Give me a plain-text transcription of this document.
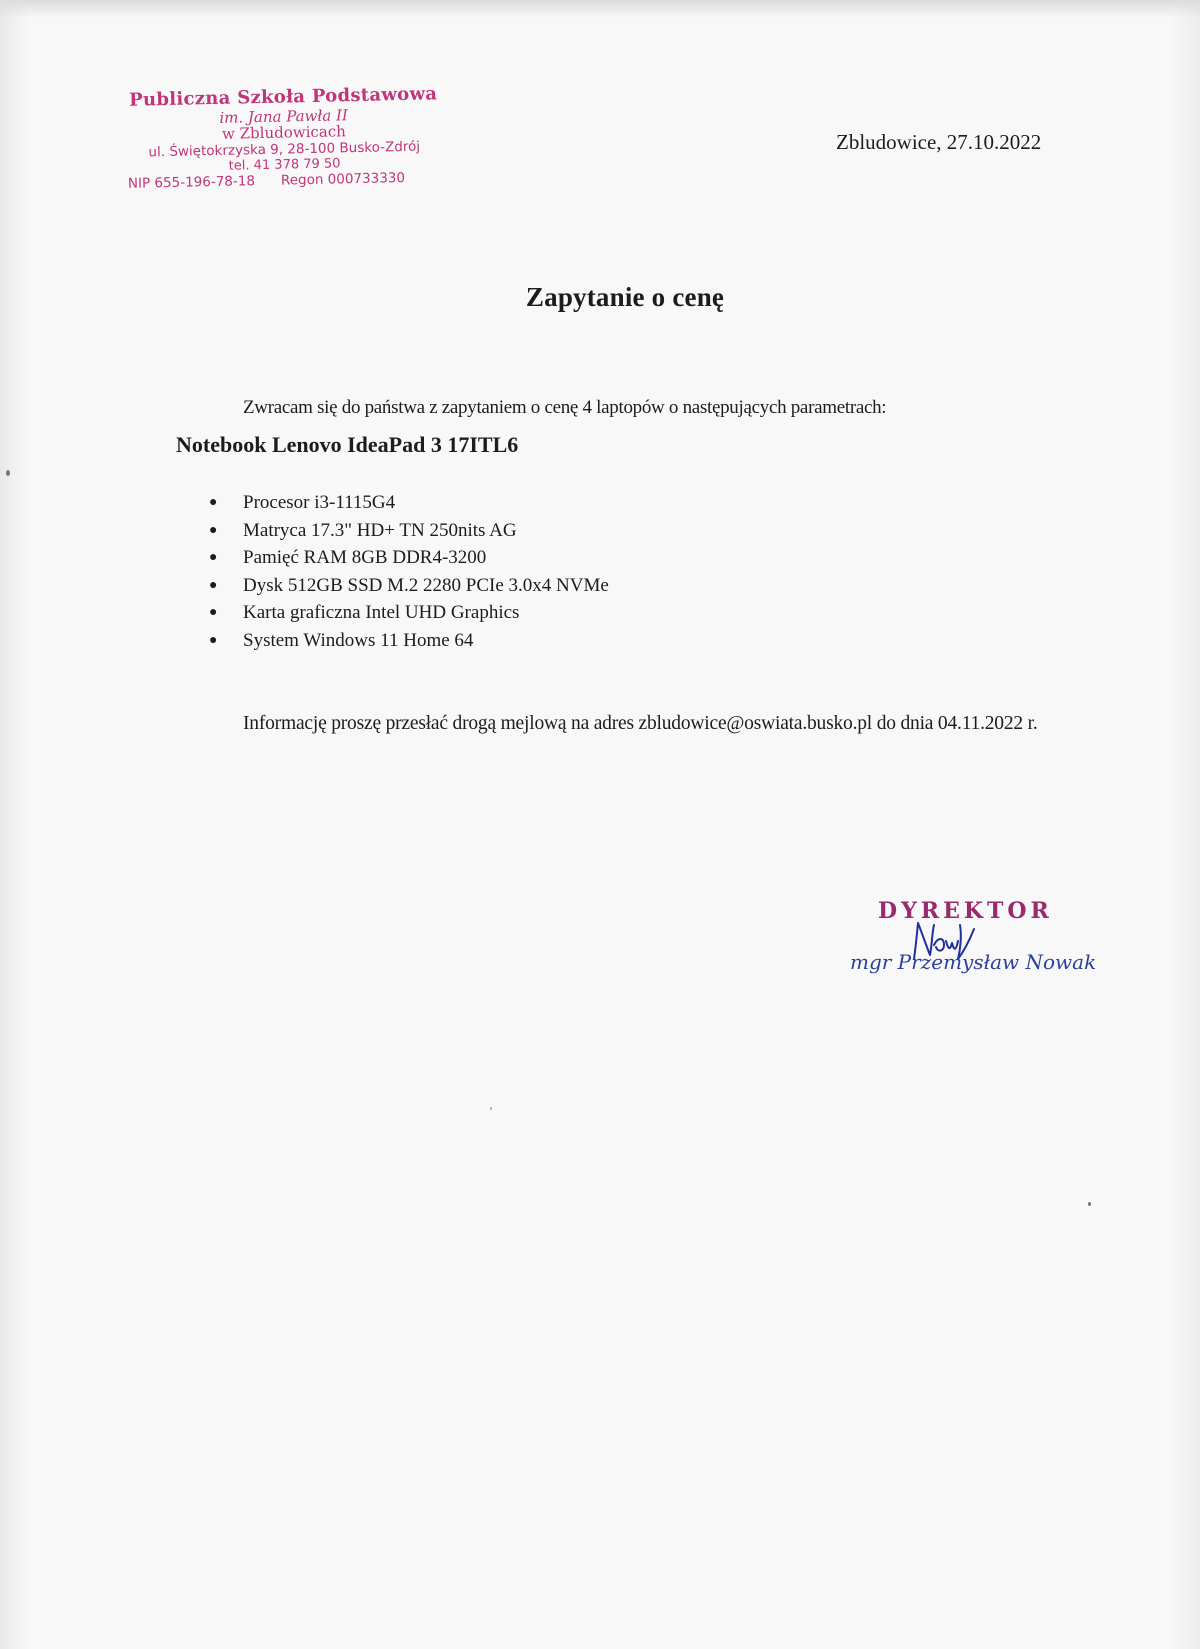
Publiczna Szkoła Podstawowa
im. Jana Pawła II
w Zbludowicach
ul. Świętokrzyska 9, 28-100 Busko-Zdrój
tel. 41 378 79 50
NIP 655-196-78-18 Regon 000733330
Zbludowice, 27.10.2022
Zapytanie o cenę
Zwracam się do państwa z zapytaniem o cenę 4 laptopów o następujących parametrach:
Notebook Lenovo IdeaPad 3 17ITL6
● Procesor i3-1115G4
● Matryca 17.3" HD+ TN 250nits AG
● Pamięć RAM 8GB DDR4-3200
● Dysk 512GB SSD M.2 2280 PCIe 3.0x4 NVMe
● Karta graficzna Intel UHD Graphics
● System Windows 11 Home 64
Informację proszę przesłać drogą mejlową na adres zbludowice@oswiata.busko.pl do dnia 04.11.2022 r.
DYREKTOR
mgr Przemysław Nowak
